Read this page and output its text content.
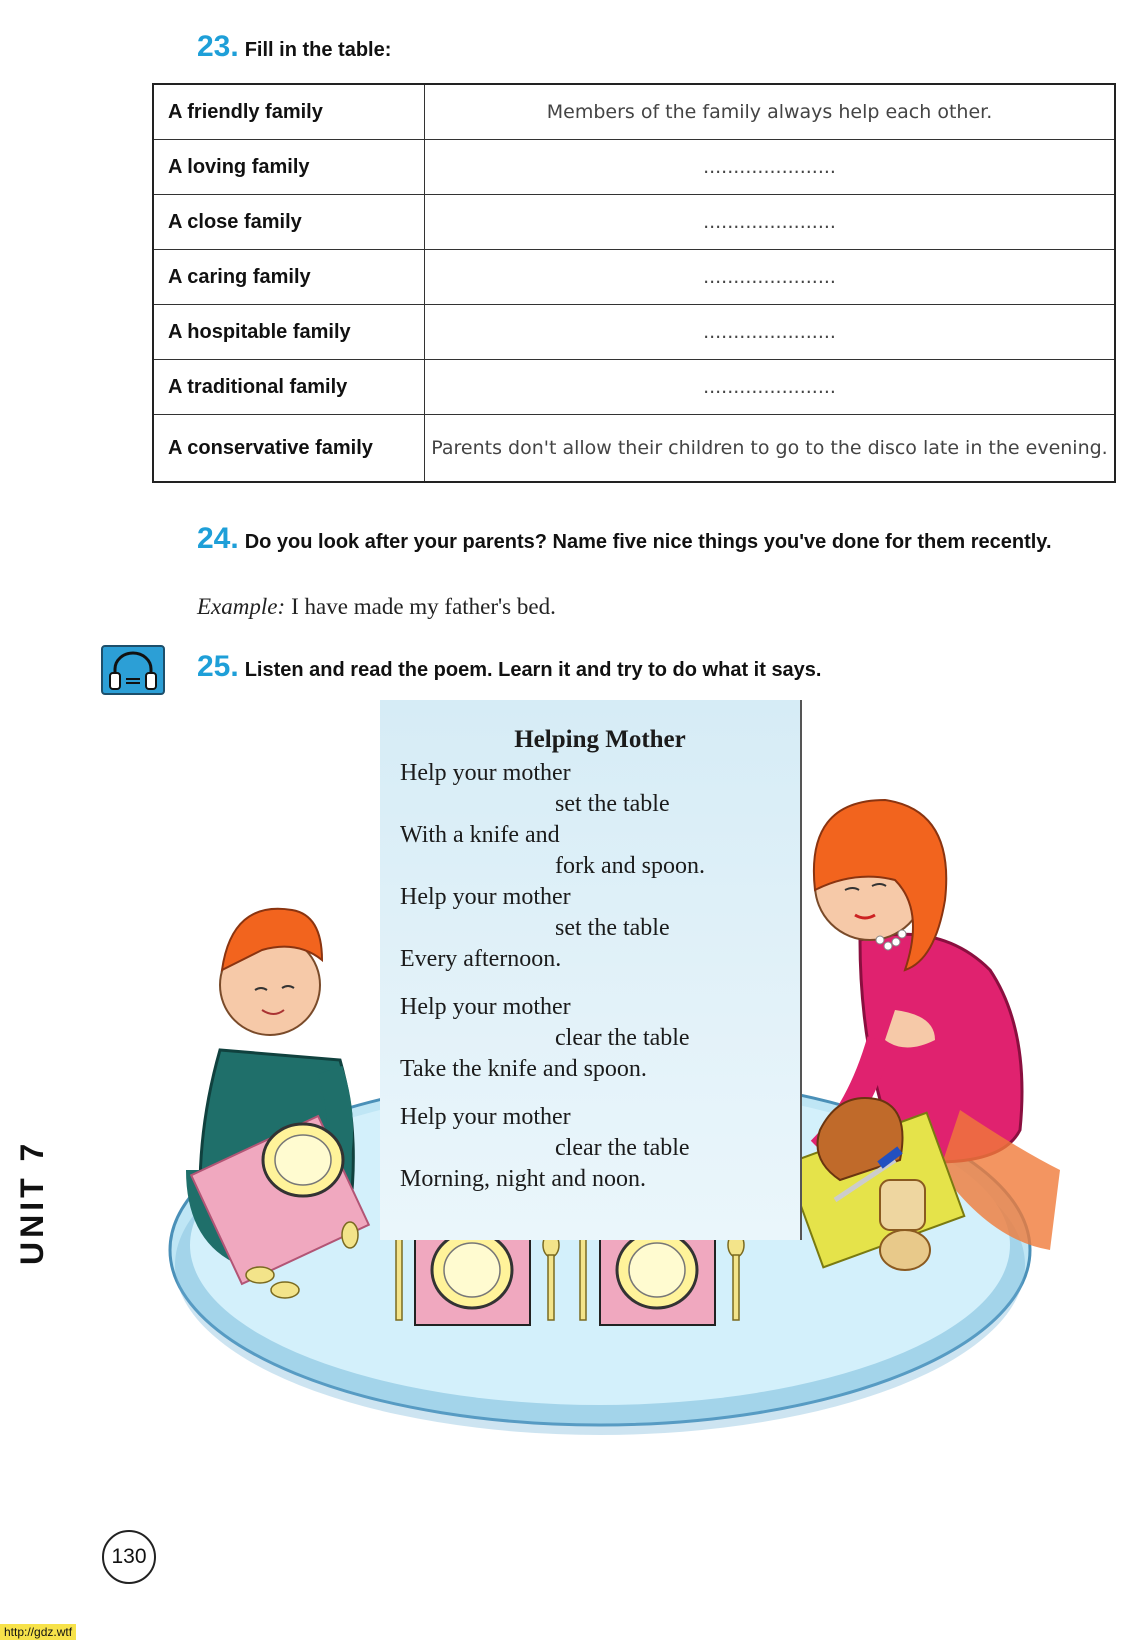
23. Fill in the table:
A friendly family	Members of the family always help each other.
A loving family	......................
A close family	......................
A caring family	......................
A hospitable family	......................
A traditional family	......................
A conservative family	Parents don't allow their children to go to the disco late in the evening.
24. Do you look after your parents? Name five nice things you've done for them recently.
Example: I have made my father's bed.
25. Listen and read the poem. Learn it and try to do what it says.
Helping Mother
Help your mother
set the table
With a knife and
fork and spoon.
Help your mother
set the table
Every afternoon.
Help your mother
clear the table
Take the knife and spoon.
Help your mother
clear the table
Morning, night and noon.
UNIT 7
130
http://gdz.wtf
